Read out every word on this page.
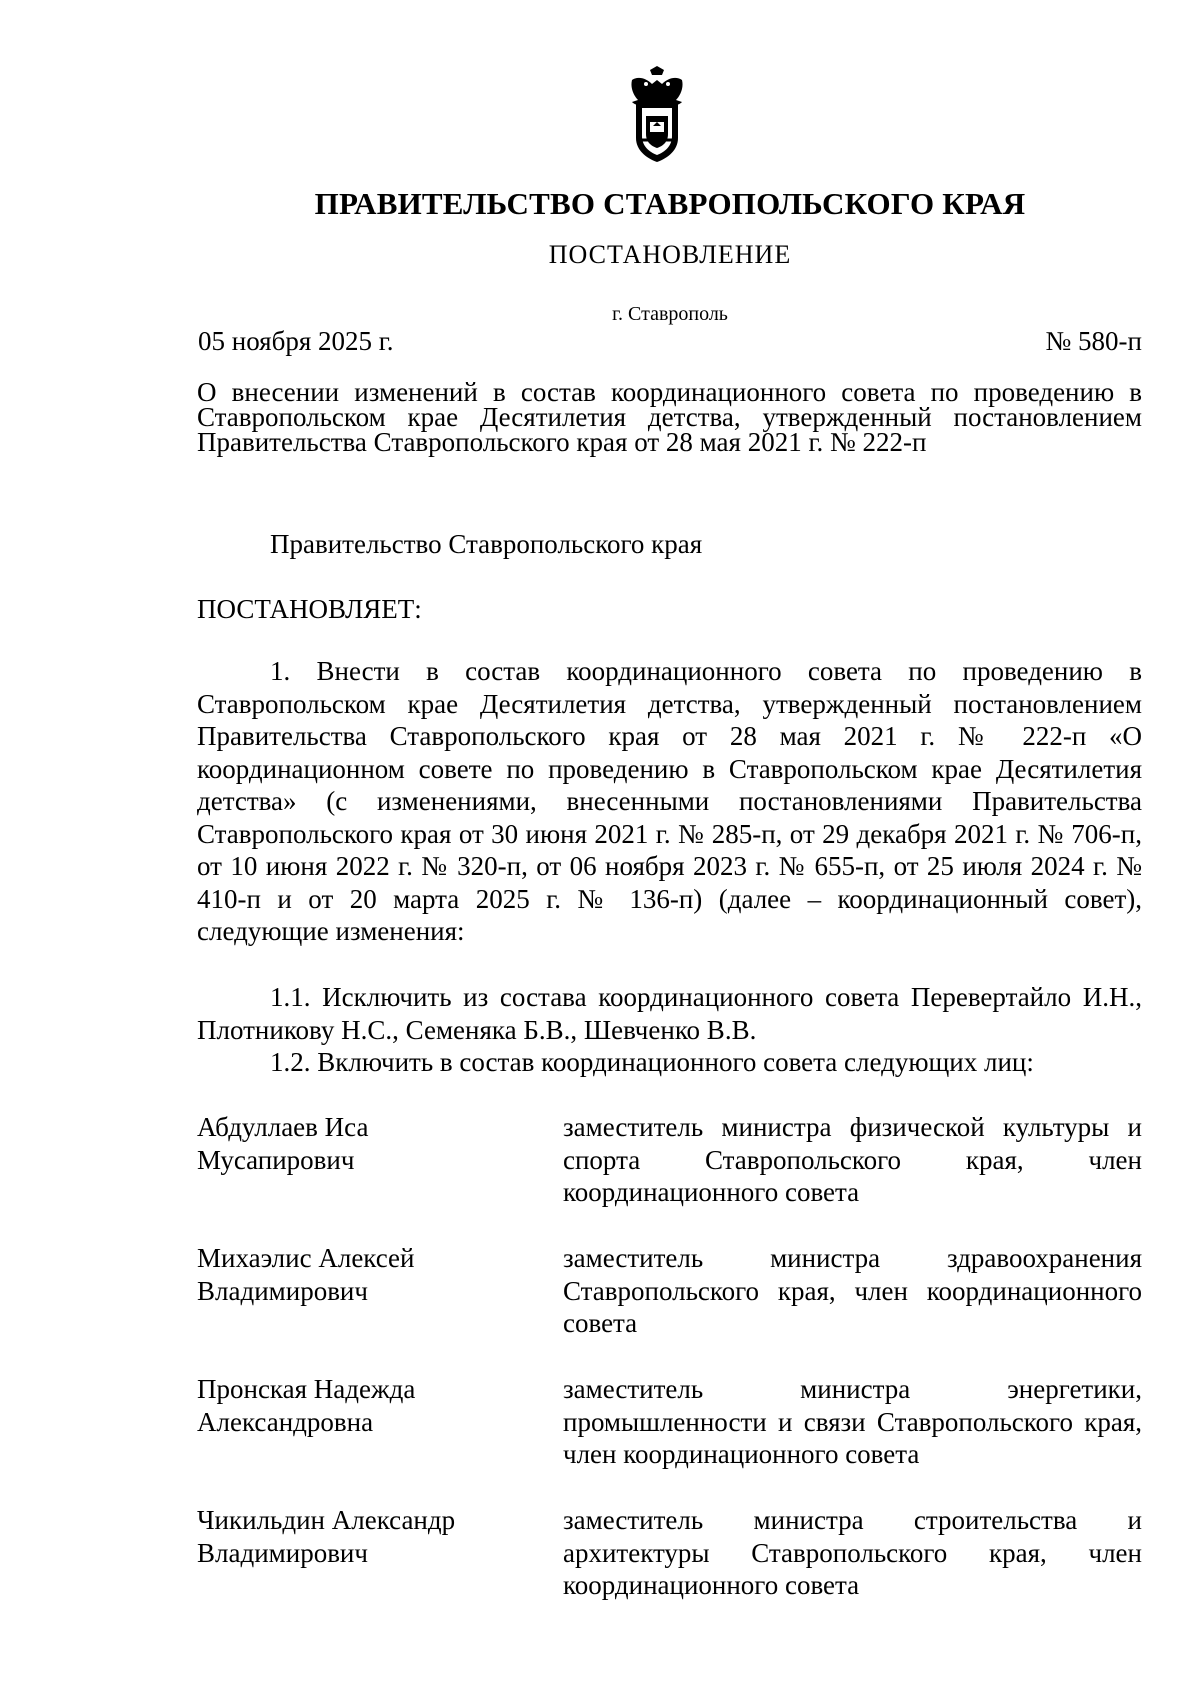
ПРАВИТЕЛЬСТВО СТАВРОПОЛЬСКОГО КРАЯ
ПОСТАНОВЛЕНИЕ
г. Ставрополь
05 ноября 2025 г.	№ 580-п
О внесении изменений в состав координационного совета по проведению в Ставропольском крае Десятилетия детства, утвержденный постановлением Правительства Ставропольского края от 28 мая 2021 г. № 222-п
Правительство Ставропольского края
ПОСТАНОВЛЯЕТ:
1. Внести в состав координационного совета по проведению в Ставропольском крае Десятилетия детства, утвержденный постановлением Правительства Ставропольского края от 28 мая 2021 г. № 222-п «О координационном совете по проведению в Ставропольском крае Десятилетия детства» (с изменениями, внесенными постановлениями Правительства Ставропольского края от 30 июня 2021 г. № 285-п, от 29 декабря 2021 г. № 706-п, от 10 июня 2022 г. № 320-п, от 06 ноября 2023 г. № 655-п, от 25 июля 2024 г. № 410-п и от 20 марта 2025 г. № 136-п) (далее – координационный совет), следующие изменения:
1.1. Исключить из состава координационного совета Перевертайло И.Н., Плотникову Н.С., Семеняка Б.В., Шевченко В.В.
1.2. Включить в состав координационного совета следующих лиц:
Абдуллаев Иса
Мусапирович
заместитель министра физической культуры и спорта Ставропольского края, член координационного совета
Михаэлис Алексей
Владимирович
заместитель министра здравоохранения Ставропольского края, член координационного совета
Пронская Надежда
Александровна
заместитель министра энергетики, промышленности и связи Ставропольского края, член координационного совета
Чикильдин Александр
Владимирович
заместитель министра строительства и архитектуры Ставропольского края, член координационного совета
